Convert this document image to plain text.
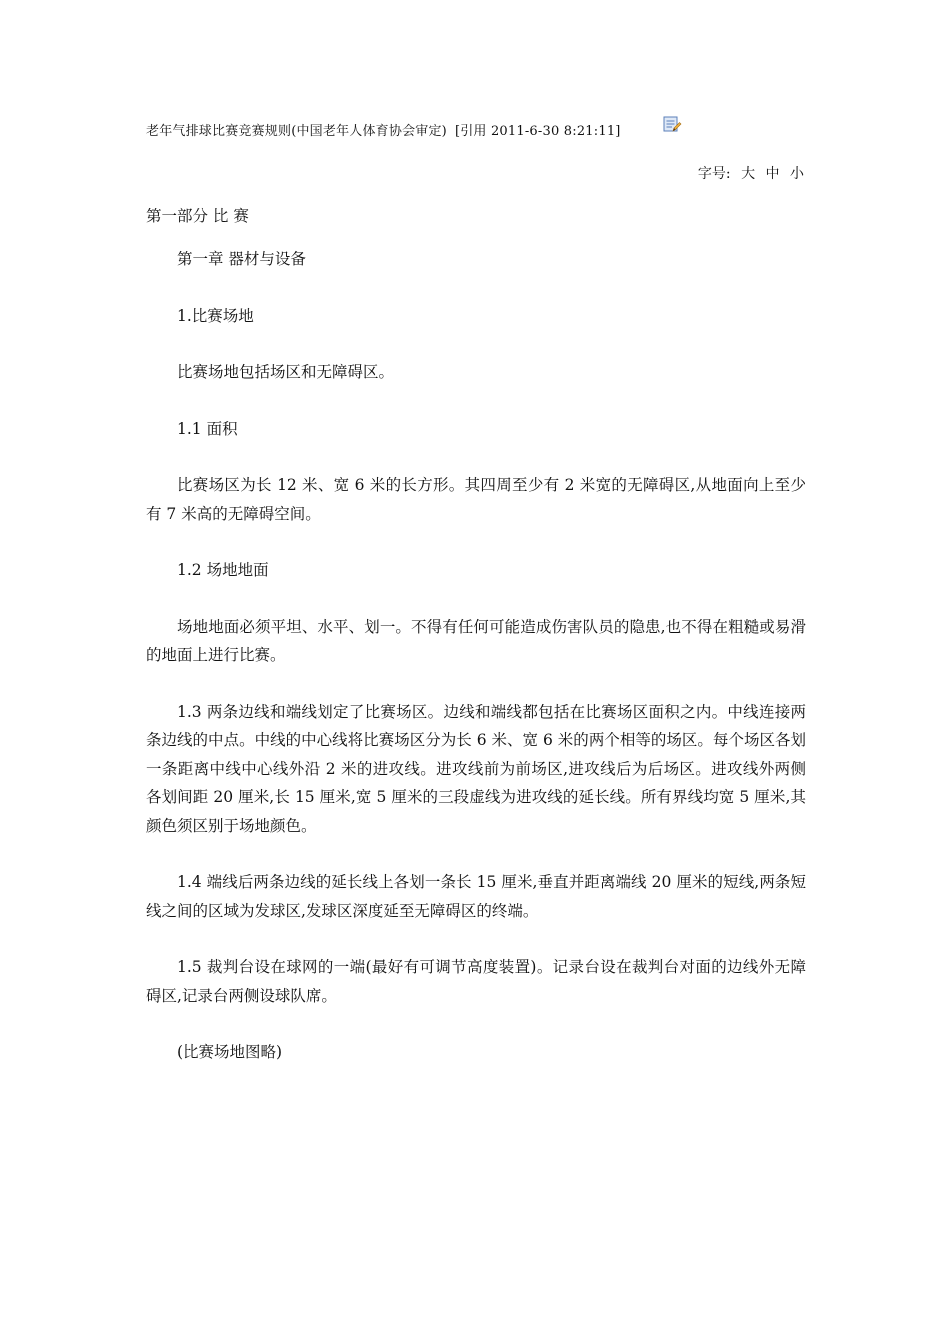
老年气排球比赛竞赛规则(中国老年人体育协会审定) [引用 2011-6-30 8:21:11]
字号: 大 中 小
第一部分 比 赛

第一章 器材与设备

1.比赛场地

比赛场地包括场区和无障碍区。

1.1 面积

比赛场区为长 12 米、宽 6 米的长方形。其四周至少有 2 米宽的无障碍区,从地面向上至少有 7 米高的无障碍空间。

1.2 场地地面

场地地面必须平坦、水平、划一。不得有任何可能造成伤害队员的隐患,也不得在粗糙或易滑的地面上进行比赛。

1.3 两条边线和端线划定了比赛场区。边线和端线都包括在比赛场区面积之内。中线连接两条边线的中点。中线的中心线将比赛场区分为长 6 米、宽 6 米的两个相等的场区。每个场区各划一条距离中线中心线外沿 2 米的进攻线。进攻线前为前场区,进攻线后为后场区。进攻线外两侧各划间距 20 厘米,长 15 厘米,宽 5 厘米的三段虚线为进攻线的延长线。所有界线均宽 5 厘米,其颜色须区别于场地颜色。

1.4 端线后两条边线的延长线上各划一条长 15 厘米,垂直并距离端线 20 厘米的短线,两条短线之间的区域为发球区,发球区深度延至无障碍区的终端。

1.5 裁判台设在球网的一端(最好有可调节高度装置)。记录台设在裁判台对面的边线外无障碍区,记录台两侧设球队席。

(比赛场地图略)
